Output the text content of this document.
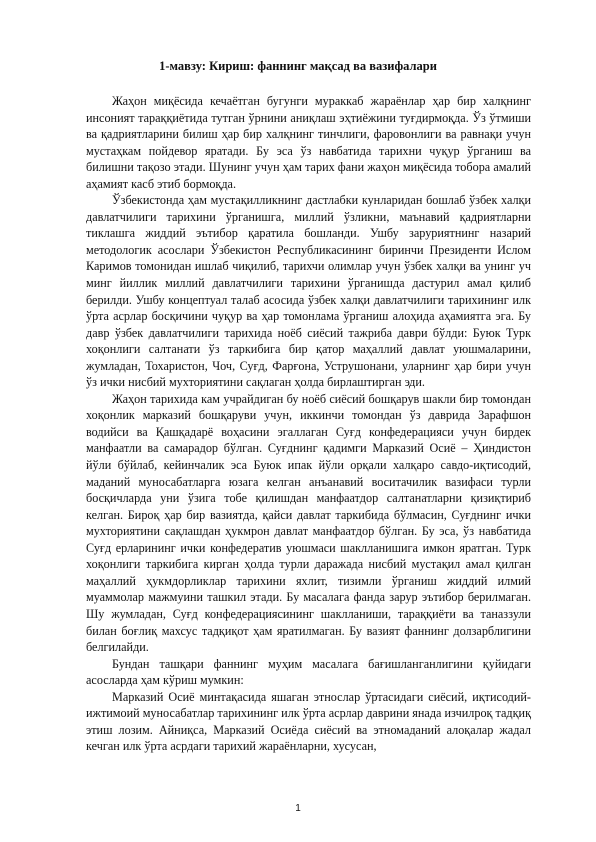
1-мавзу: Кириш: фаннинг мақсад ва вазифалари

Жаҳон миқёсида кечаётган бугунги мураккаб жараёнлар ҳар бир халқнинг инсоният тараққиётида тутган ўрнини аниқлаш эҳтиёжини туғдирмоқда. Ўз ўтмиши ва қадриятларини билиш ҳар бир халқнинг тинчлиги, фаровонлиги ва равнақи учун мустаҳкам пойдевор яратади. Бу эса ўз навбатида тарихни чуқур ўрганиш ва билишни тақозо этади. Шунинг учун ҳам тарих фани жаҳон миқёсида тобора амалий аҳамият касб этиб бормоқда.

Ўзбекистонда ҳам мустақилликнинг дастлабки кунларидан бошлаб ўзбек халқи давлатчилиги тарихини ўрганишга, миллий ўзликни, маънавий қадриятларни тиклашга жиддий эътибор қаратила бошланди. Ушбу заруриятнинг назарий методологик асослари Ўзбекистон Республикасининг биринчи Президенти Ислом Каримов томонидан ишлаб чиқилиб, тарихчи олимлар учун ўзбек халқи ва унинг уч минг йиллик миллий давлатчилиги тарихини ўрганишда дастурил амал қилиб берилди. Ушбу концептуал талаб асосида ўзбек халқи давлатчилиги тарихининг илк ўрта асрлар босқичини чуқур ва ҳар томонлама ўрганиш алоҳида аҳамиятга эга. Бу давр ўзбек давлатчилиги тарихида ноёб сиёсий тажриба даври бўлди: Буюк Турк хоқонлиги салтанати ўз таркибига бир қатор маҳаллий давлат уюшмаларини, жумладан, Тохаристон, Чоч, Суғд, Фарғона, Уструшонани, уларнинг ҳар бири учун ўз ички нисбий мухториятини сақлаган ҳолда бирлаштирган эди.

Жаҳон тарихида кам учрайдиган бу ноёб сиёсий бошқарув шакли бир томондан хоқонлик марказий бошқаруви учун, иккинчи томондан ўз даврида Зарафшон водийси ва Қашқадарё воҳасини эгаллаган Суғд конфедерацияси учун бирдек манфаатли ва самарадор бўлган. Суғднинг қадимги Марказий Осиё – Ҳиндистон йўли бўйлаб, кейинчалик эса Буюк ипак йўли орқали халқаро савдо-иқтисодий, маданий муносабатларга юзага келган анъанавий воситачилик вазифаси турли босқичларда уни ўзига тобе қилишдан манфаатдор салтанатларни қизиқтириб келган. Бироқ ҳар бир вазиятда, қайси давлат таркибида бўлмасин, Суғднинг ички мухториятини сақлашдан ҳукмрон давлат манфаатдор бўлган. Бу эса, ўз навбатида Суғд ерларининг ички конфедератив уюшмаси шаклланишига имкон яратган. Турк хоқонлиги таркибига кирган ҳолда турли даражада нисбий мустақил амал қилган маҳаллий ҳукмдорликлар тарихини яхлит, тизимли ўрганиш жиддий илмий муаммолар мажмуини ташкил этади. Бу масалага фанда зарур эътибор берилмаган. Шу жумладан, Суғд конфедерациясининг шаклланиши, тараққиёти ва таназзули билан боғлиқ махсус тадқиқот ҳам яратилмаган. Бу вазият фаннинг долзарблигини белгилайди.

Бундан ташқари фаннинг муҳим масалага бағишланганлигини қуйидаги асосларда ҳам кўриш мумкин:

Марказий Осиё минтақасида яшаган этнослар ўртасидаги сиёсий, иқтисодий-ижтимоий муносабатлар тарихининг илк ўрта асрлар даврини янада изчилроқ тадқиқ этиш лозим. Айниқса, Марказий Осиёда сиёсий ва этномаданий алоқалар жадал кечган илк ўрта асрдаги тарихий жараёнларни, хусусан,

1
